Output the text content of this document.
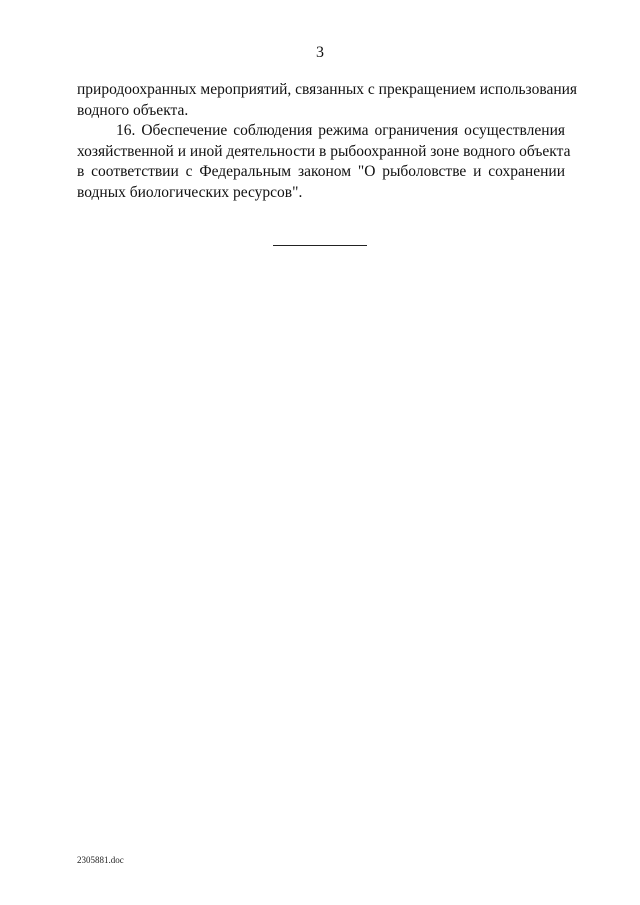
3
природоохранных мероприятий, связанных с прекращением использования
водного объекта.
16. Обеспечение соблюдения режима ограничения осуществления
хозяйственной и иной деятельности в рыбоохранной зоне водного объекта
в соответствии с Федеральным законом "О рыболовстве и сохранении
водных биологических ресурсов".
2305881.doc
